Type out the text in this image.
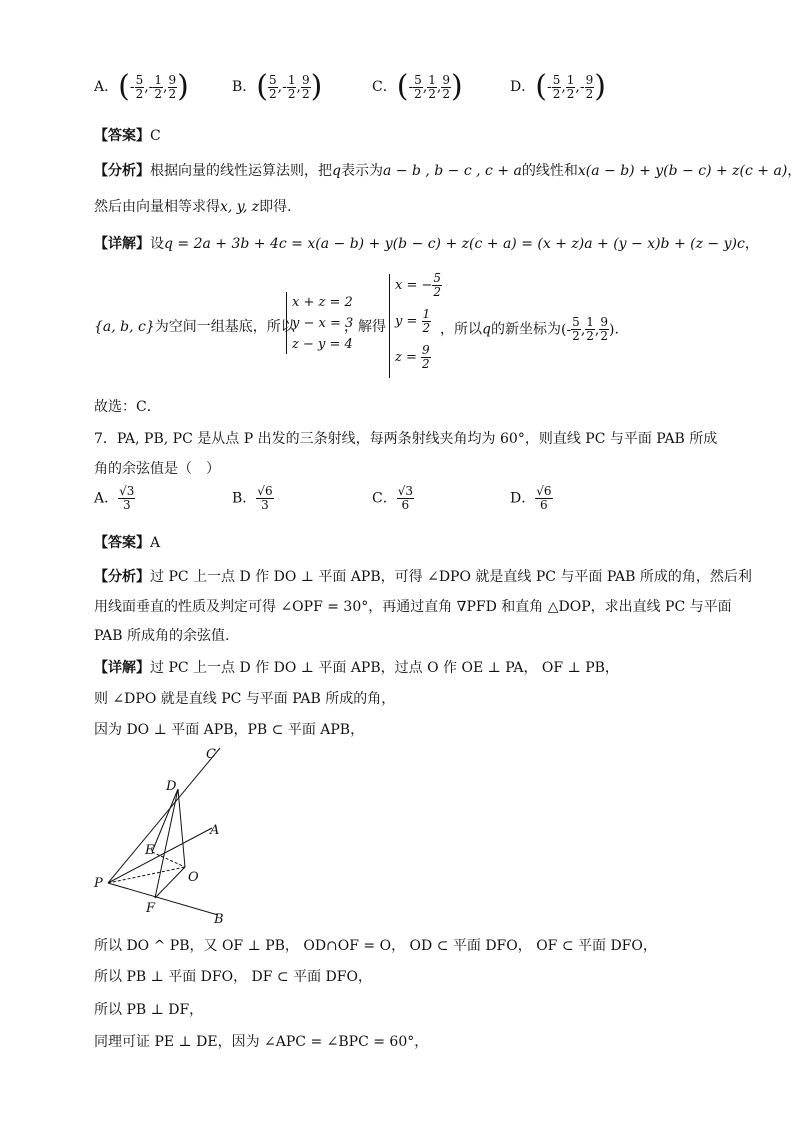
A．(- $\frac{5}{2}$ ,- $\frac{1}{2}$ , $\frac{9}{2}$ )	B．( $\frac{5}{2}$ ,- $\frac{1}{2}$ , $\frac{9}{2}$ )	C．(- $\frac{5}{2}$ , $\frac{1}{2}$ , $\frac{9}{2}$ )	D．(- $\frac{5}{2}$ , $\frac{1}{2}$ ,- $\frac{9}{2}$ )
【答案】C
【分析】根据向量的线性运算法则，把q表示为a − b , b − c , c + a的线性和x(a − b) + y(b − c) + z(c + a)，
然后由向量相等求得x, y, z即得.
【详解】设q = 2a + 3b + 4c = x(a − b) + y(b − c) + z(c + a) = (x + z)a + (y − x)b + (z − y)c，
{a, b, c}为空间一组基底，所以
x + z = 2
y − x = 3
z − y = 4
，解得
x = − $\frac{5}{2}$
$y = \frac{1}{2}$
$z = \frac{9}{2}$
，所以q的新坐标为(- $\frac{5}{2}$ , $\frac{1}{2}$ , $\frac{9}{2}$ ).
故选：C．
7．PA, PB, PC 是从点 P 出发的三条射线，每两条射线夹角均为 60°，则直线 PC 与平面 PAB 所成
角的余弦值是（　）
A． $\frac{√3}{3}$	B． $\frac{√6}{3}$	C． $\frac{√3}{6}$	D． $\frac{√6}{6}$
【答案】A
【分析】过 PC 上一点 D 作 DO ⊥ 平面 APB，可得 ∠DPO 就是直线 PC 与平面 PAB 所成的角，然后利
用线面垂直的性质及判定可得 ∠OPF = 30°，再通过直角 ∇PFD 和直角 △DOP，求出直线 PC 与平面
PAB 所成角的余弦值.
【详解】过 PC 上一点 D 作 DO ⊥ 平面 APB，过点 O 作 OE ⊥ PA， OF ⊥ PB，
则 ∠DPO 就是直线 PC 与平面 PAB 所成的角，
因为 DO ⊥ 平面 APB，PB ⊂ 平面 APB，
C
D
A
E
O
P
F
B
所以 DO ^ PB，又 OF ⊥ PB， OD∩OF = O， OD ⊂ 平面 DFO， OF ⊂ 平面 DFO，
所以 PB ⊥ 平面 DFO， DF ⊂ 平面 DFO，
所以 PB ⊥ DF，
同理可证 PE ⊥ DE，因为 ∠APC = ∠BPC = 60°，
